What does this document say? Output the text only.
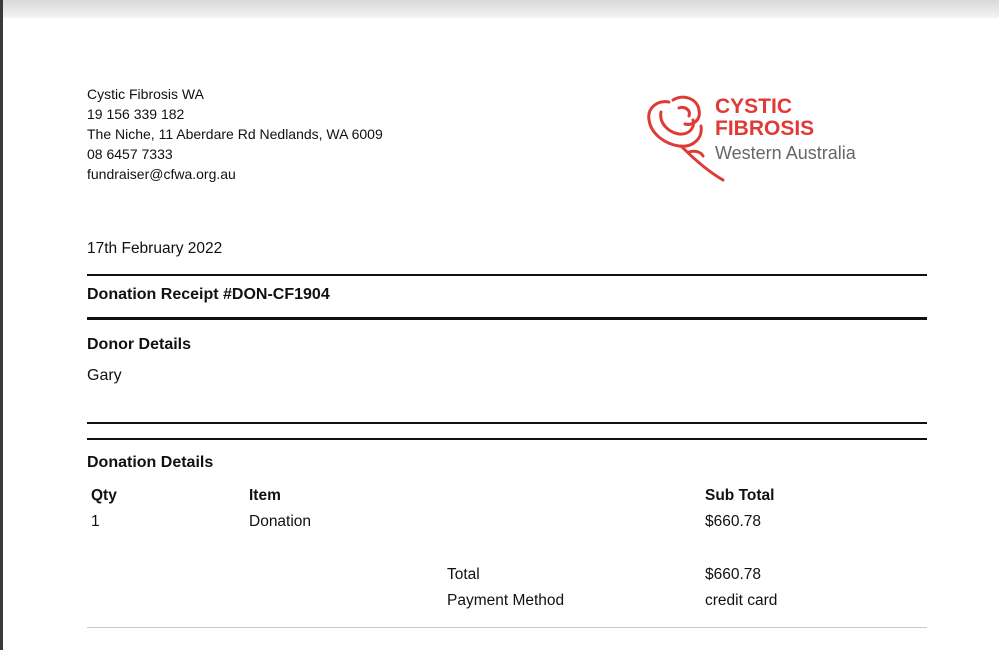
Cystic Fibrosis WA
19 156 339 182
The Niche, 11 Aberdare Rd Nedlands, WA 6009
08 6457 7333
fundraiser@cfwa.org.au
CYSTIC
FIBROSIS
Western Australia
17th February 2022
Donation Receipt #DON-CF1904
Donor Details
Gary
Donation Details
Qty	Item	Sub Total
1	Donation	$660.78
Total	$660.78
Payment Method	credit card
